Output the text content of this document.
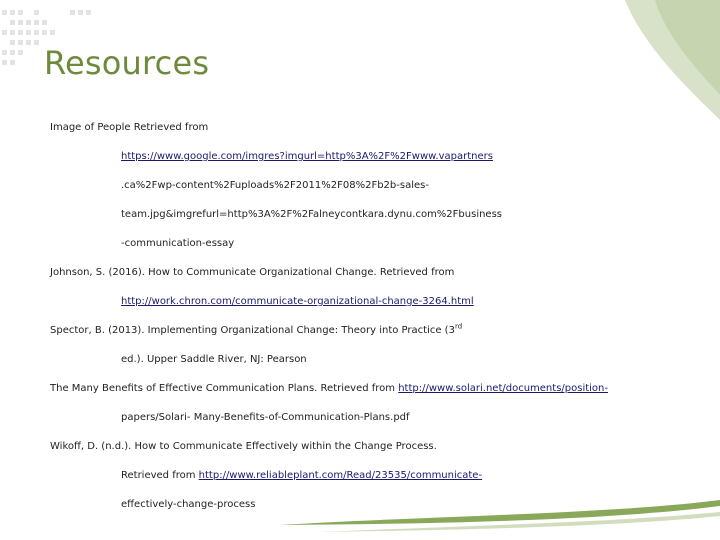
Resources
Image of People Retrieved from
https://www.google.com/imgres?imgurl=http%3A%2F%2Fwww.vapartners
.ca%2Fwp-content%2Fuploads%2F2011%2F08%2Fb2b-sales-
team.jpg&imgrefurl=http%3A%2F%2Falneycontkara.dynu.com%2Fbusiness
-communication-essay
Johnson, S. (2016). How to Communicate Organizational Change. Retrieved from
http://work.chron.com/communicate-organizational-change-3264.html
Spector, B. (2013). Implementing Organizational Change: Theory into Practice (3rd
ed.). Upper Saddle River, NJ: Pearson
The Many Benefits of Effective Communication Plans. Retrieved from http://www.solari.net/documents/position-
papers/Solari- Many-Benefits-of-Communication-Plans.pdf
Wikoff, D. (n.d.). How to Communicate Effectively within the Change Process.
Retrieved from http://www.reliableplant.com/Read/23535/communicate-
effectively-change-process
